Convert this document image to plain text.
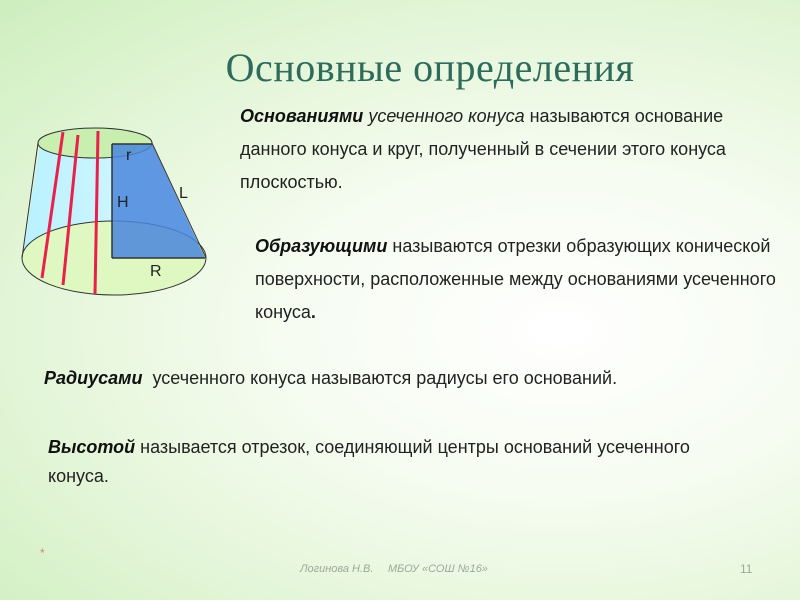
r
H
L
R
Основные определения
Основаниями усеченного конуса называются основание данного конуса и круг, полученный в сечении этого конуса плоскостью.
Образующими называются отрезки образующих конической поверхности, расположенные между основаниями усеченного конуса.
Радиусами  усеченного конуса называются радиусы его оснований.
Высотой называется отрезок, соединяющий центры оснований усеченного конуса.
*
Логинова Н.В. МБОУ «СОШ №16»	11
